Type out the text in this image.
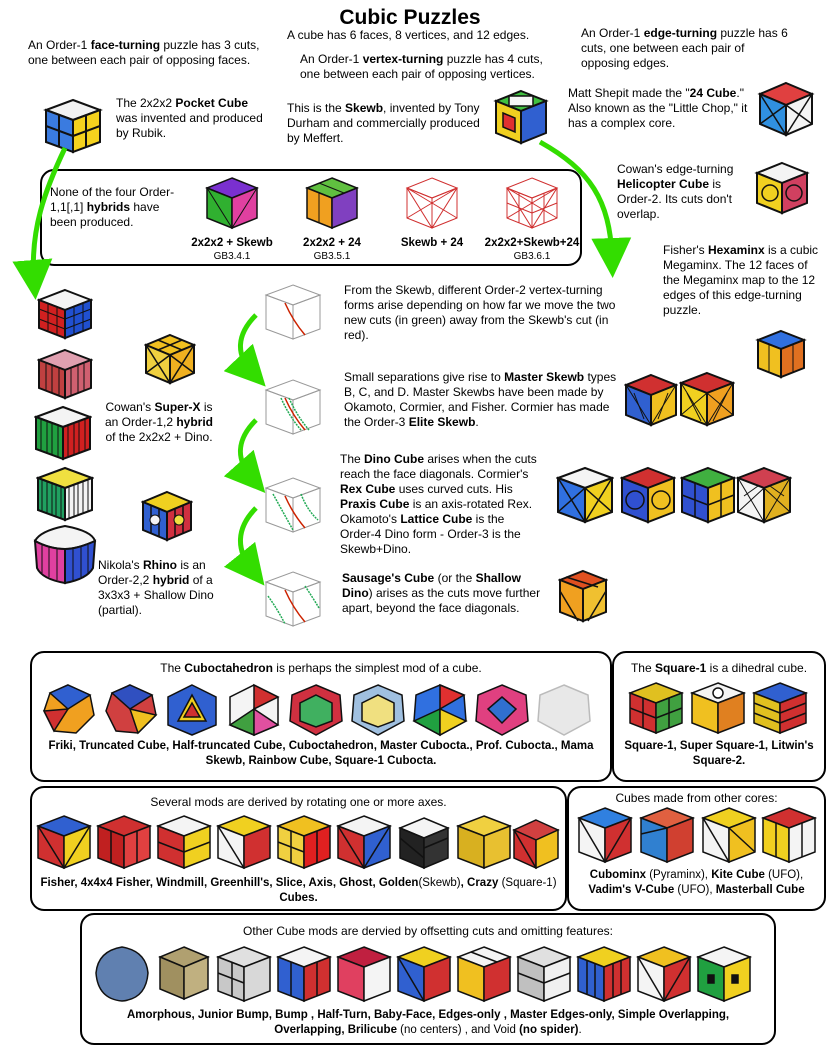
Cubic Puzzles
A cube has 6 faces, 8 vertices, and 12 edges.
An Order-1 face-turning puzzle has 3 cuts, one between each pair of opposing faces.
The 2x2x2 Pocket Cube was invented and produced by Rubik.
An Order-1 vertex-turning puzzle has 4 cuts, one between each pair of opposing vertices.
This is the Skewb, invented by Tony Durham and commercially produced by Meffert.
An Order-1 edge-turning puzzle has 6 cuts, one between each pair of opposing edges.
Matt Shepit made the "24 Cube." Also known as the "Little Chop," it has a complex core.
Cowan's edge-turning Helicopter Cube is Order-2. Its cuts don't overlap.
Fisher's Hexaminx is a cubic Megaminx. The 12 faces of the Megaminx map to the 12 edges of this edge-turning puzzle.
None of the four Order-1,1[,1] hybrids have been produced.
2x2x2 + Skewb
GB3.4.1
2x2x2 + 24
GB3.5.1
Skewb + 24	2x2x2+Skewb+24
GB3.6.1
Cowan's Super-X is an Order-1,2 hybrid of the 2x2x2 + Dino.
Nikola's Rhino is an Order-2,2 hybrid of a 3x3x3 + Shallow Dino (partial).
From the Skewb, different Order-2 vertex-turning forms arise depending on how far we move the two new cuts (in green) away from the Skewb's cut (in red).
Small separations give rise to Master Skewb types B, C, and D. Master Skewbs have been made by Okamoto, Cormier, and Fisher. Cormier has made the Order-3 Elite Skewb.
The Dino Cube arises when the cuts reach the face diagonals. Cormier's Rex Cube uses curved cuts. His Praxis Cube is an axis-rotated Rex. Okamoto's Lattice Cube is the Order-4 Dino form - Order-3 is the Skewb+Dino.
Sausage's Cube (or the Shallow Dino) arises as the cuts move further apart, beyond the face diagonals.
The Cuboctahedron is perhaps the simplest mod of a cube.
Friki, Truncated Cube, Half-truncated Cube, Cuboctahedron, Master Cubocta., Prof. Cubocta., Mama Skewb, Rainbow Cube, Square-1 Cubocta.
The Square-1 is a dihedral cube.
Square-1, Super Square-1, Litwin's Square-2.
Several mods are derived by rotating one or more axes.
Fisher, 4x4x4 Fisher, Windmill, Greenhill's, Slice, Axis, Ghost, Golden(Skewb), Crazy (Square-1) Cubes.
Cubes made from other cores:
Cubominx (Pyraminx), Kite Cube (UFO), Vadim's V-Cube (UFO), Masterball Cube
Other Cube mods are dervied by offsetting cuts and omitting features:
Amorphous, Junior Bump, Bump , Half-Turn, Baby-Face, Edges-only , Master Edges-only, Simple Overlapping, Overlapping, Brilicube (no centers) , and Void (no spider).
